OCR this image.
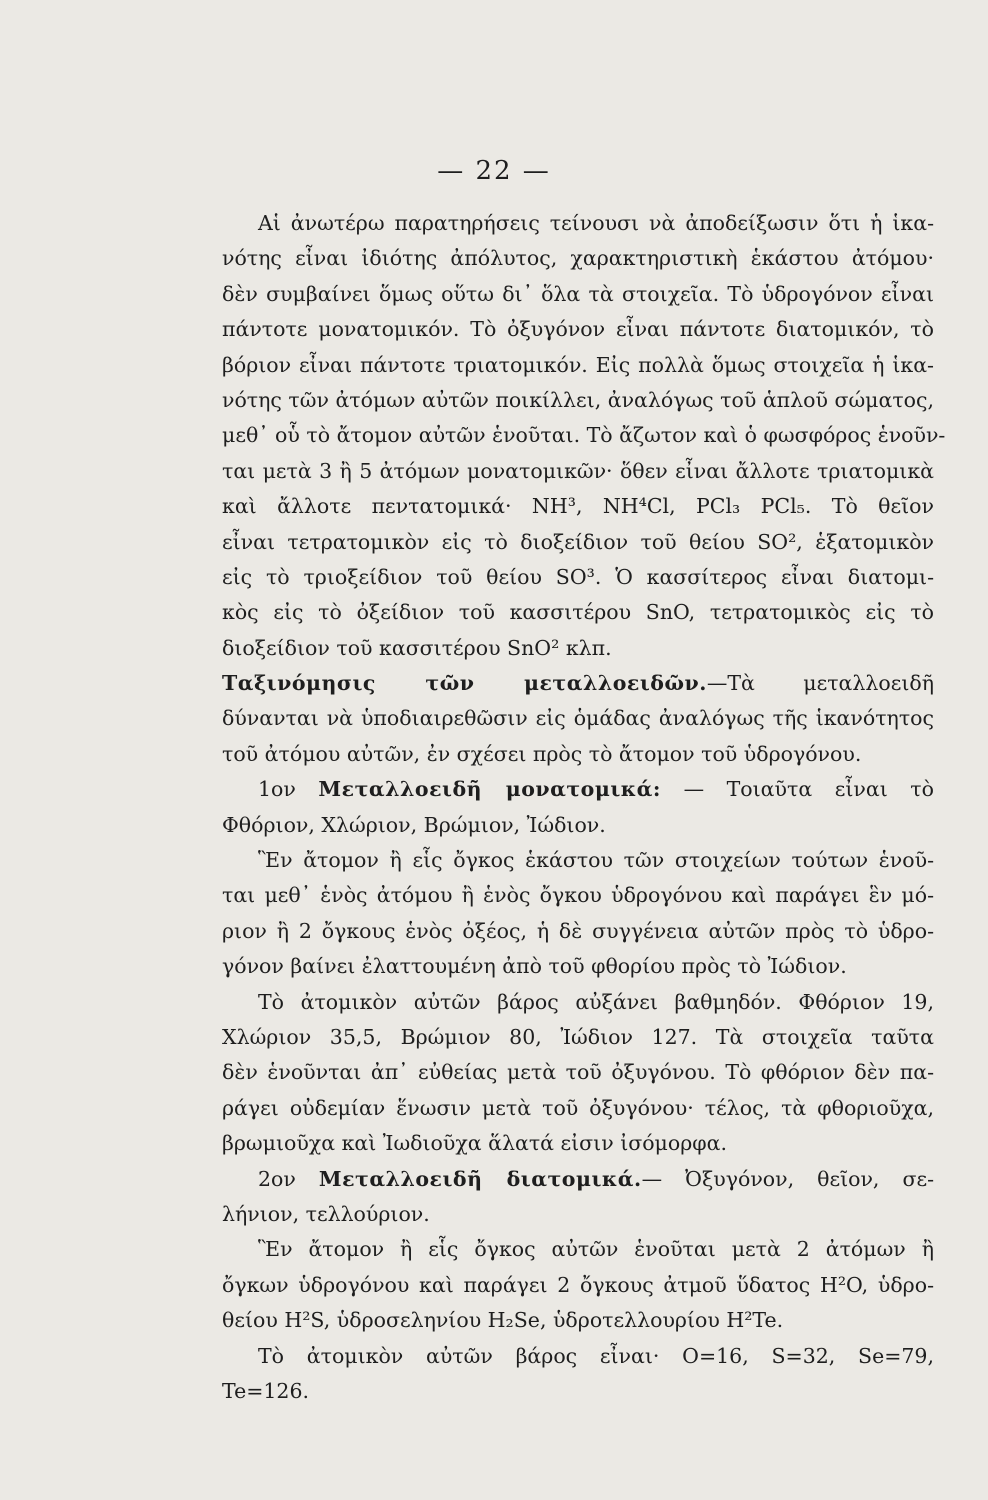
— 22 —
Αἱ ἀνωτέρω παρατηρήσεις τείνουσι νὰ ἀποδείξωσιν ὅτι ἡ ἱκα-
νότης εἶναι ἰδιότης ἀπόλυτος, χαρακτηριστικὴ ἑκάστου ἀτόμου·
δὲν συμβαίνει ὅμως οὕτω δι᾽ ὅλα τὰ στοιχεῖα. Τὸ ὑδρογόνον εἶναι
πάντοτε μονατομικόν. Τὸ ὀξυγόνον εἶναι πάντοτε διατομικόν, τὸ
βόριον εἶναι πάντοτε τριατομικόν. Εἰς πολλὰ ὅμως στοιχεῖα ἡ ἱκα-
νότης τῶν ἀτόμων αὐτῶν ποικίλλει, ἀναλόγως τοῦ ἁπλοῦ σώματος,
μεθ᾽ οὗ τὸ ἄτομον αὐτῶν ἑνοῦται. Τὸ ἄζωτον καὶ ὁ φωσφόρος ἑνοῦν-
ται μετὰ 3 ἢ 5 ἀτόμων μονατομικῶν· ὅθεν εἶναι ἄλλοτε τριατομικὰ
καὶ ἄλλοτε πεντατομικά· NH³, NH⁴Cl, PCl₃ PCl₅. Τὸ θεῖον
εἶναι τετρατομικὸν εἰς τὸ διοξείδιον τοῦ θείου SO², ἑξατομικὸν
εἰς τὸ τριοξείδιον τοῦ θείου SO³. Ὁ κασσίτερος εἶναι διατομι-
κὸς εἰς τὸ ὀξείδιον τοῦ κασσιτέρου SnO, τετρατομικὸς εἰς τὸ
διοξείδιον τοῦ κασσιτέρου SnO² κλπ.
Ταξινόμησις τῶν μεταλλοειδῶν.—Τὰ μεταλλοειδῆ
δύνανται νὰ ὑποδιαιρεθῶσιν εἰς ὁμάδας ἀναλόγως τῆς ἱκανότητος
τοῦ ἀτόμου αὐτῶν, ἐν σχέσει πρὸς τὸ ἄτομον τοῦ ὑδρογόνου.
1ον Μεταλλοειδῆ μονατομικά: — Τοιαῦτα εἶναι τὸ
Φθόριον, Χλώριον, Βρώμιον, Ἰώδιον.
Ἓν ἄτομον ἢ εἷς ὄγκος ἑκάστου τῶν στοιχείων τούτων ἑνοῦ-
ται μεθ᾽ ἑνὸς ἀτόμου ἢ ἑνὸς ὄγκου ὑδρογόνου καὶ παράγει ἓν μό-
ριον ἢ 2 ὄγκους ἑνὸς ὀξέος, ἡ δὲ συγγένεια αὐτῶν πρὸς τὸ ὑδρο-
γόνον βαίνει ἐλαττουμένη ἀπὸ τοῦ φθορίου πρὸς τὸ Ἰώδιον.
Τὸ ἀτομικὸν αὐτῶν βάρος αὐξάνει βαθμηδόν. Φθόριον 19,
Χλώριον 35,5, Βρώμιον 80, Ἰώδιον 127. Τὰ στοιχεῖα ταῦτα
δὲν ἑνοῦνται ἀπ᾽ εὐθείας μετὰ τοῦ ὀξυγόνου. Τὸ φθόριον δὲν πα-
ράγει οὐδεμίαν ἕνωσιν μετὰ τοῦ ὀξυγόνου· τέλος, τὰ φθοριοῦχα,
βρωμιοῦχα καὶ Ἰωδιοῦχα ἅλατά εἰσιν ἰσόμορφα.
2ον Μεταλλοειδῆ διατομικά.— Ὀξυγόνον, θεῖον, σε-
λήνιον, τελλούριον.
Ἓν ἄτομον ἢ εἷς ὄγκος αὐτῶν ἑνοῦται μετὰ 2 ἀτόμων ἢ
ὄγκων ὑδρογόνου καὶ παράγει 2 ὄγκους ἀτμοῦ ὕδατος H²O, ὑδρο-
θείου H²S, ὑδροσεληνίου H₂Se, ὑδροτελλουρίου H²Te.
Τὸ ἀτομικὸν αὐτῶν βάρος εἶναι· O=16, S=32, Se=79,
Te=126.
